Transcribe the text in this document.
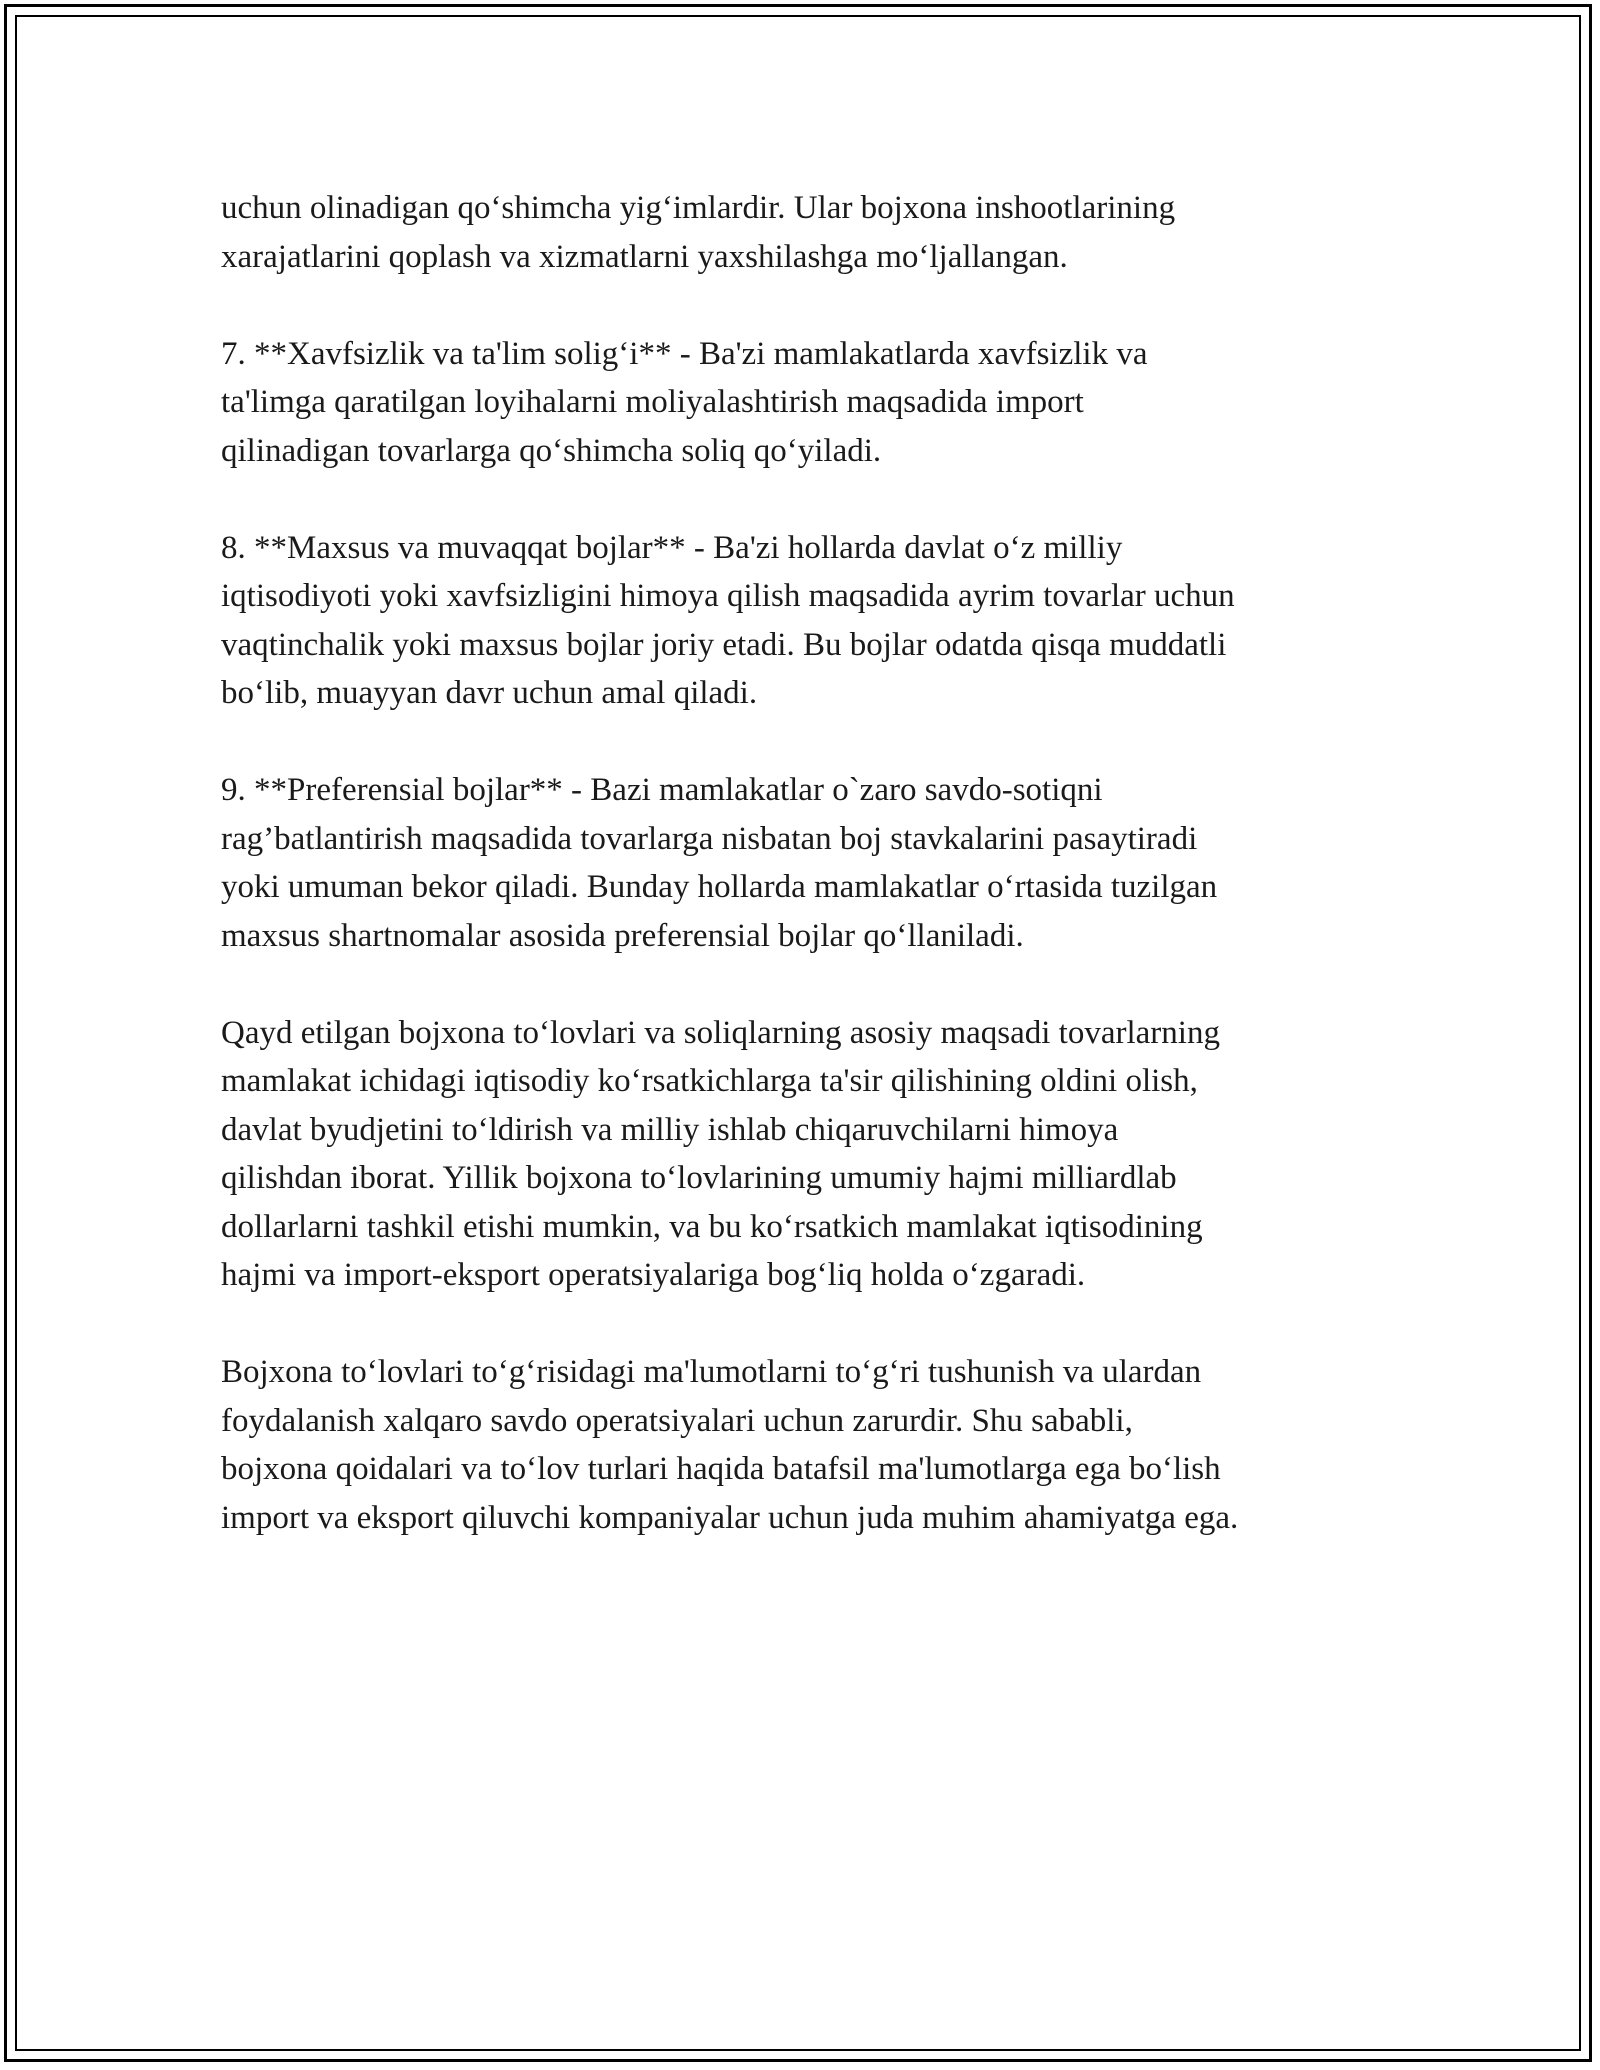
uchun olinadigan qo‘shimcha yig‘imlardir. Ular bojxona inshootlarining
xarajatlarini qoplash va xizmatlarni yaxshilashga mo‘ljallangan.

7. **Xavfsizlik va ta'lim solig‘i** - Ba'zi mamlakatlarda xavfsizlik va
ta'limga qaratilgan loyihalarni moliyalashtirish maqsadida import
qilinadigan tovarlarga qo‘shimcha soliq qo‘yiladi.

8. **Maxsus va muvaqqat bojlar** - Ba'zi hollarda davlat o‘z milliy
iqtisodiyoti yoki xavfsizligini himoya qilish maqsadida ayrim tovarlar uchun
vaqtinchalik yoki maxsus bojlar joriy etadi. Bu bojlar odatda qisqa muddatli
bo‘lib, muayyan davr uchun amal qiladi.

9. **Preferensial bojlar** - Bazi mamlakatlar o`zaro savdo-sotiqni
rag’batlantirish maqsadida tovarlarga nisbatan boj stavkalarini pasaytiradi
yoki umuman bekor qiladi. Bunday hollarda mamlakatlar o‘rtasida tuzilgan
maxsus shartnomalar asosida preferensial bojlar qo‘llaniladi.

Qayd etilgan bojxona to‘lovlari va soliqlarning asosiy maqsadi tovarlarning
mamlakat ichidagi iqtisodiy ko‘rsatkichlarga ta'sir qilishining oldini olish,
davlat byudjetini to‘ldirish va milliy ishlab chiqaruvchilarni himoya
qilishdan iborat. Yillik bojxona to‘lovlarining umumiy hajmi milliardlab
dollarlarni tashkil etishi mumkin, va bu ko‘rsatkich mamlakat iqtisodining
hajmi va import-eksport operatsiyalariga bog‘liq holda o‘zgaradi.

Bojxona to‘lovlari to‘g‘risidagi ma'lumotlarni to‘g‘ri tushunish va ulardan
foydalanish xalqaro savdo operatsiyalari uchun zarurdir. Shu sababli,
bojxona qoidalari va to‘lov turlari haqida batafsil ma'lumotlarga ega bo‘lish
import va eksport qiluvchi kompaniyalar uchun juda muhim ahamiyatga ega.
